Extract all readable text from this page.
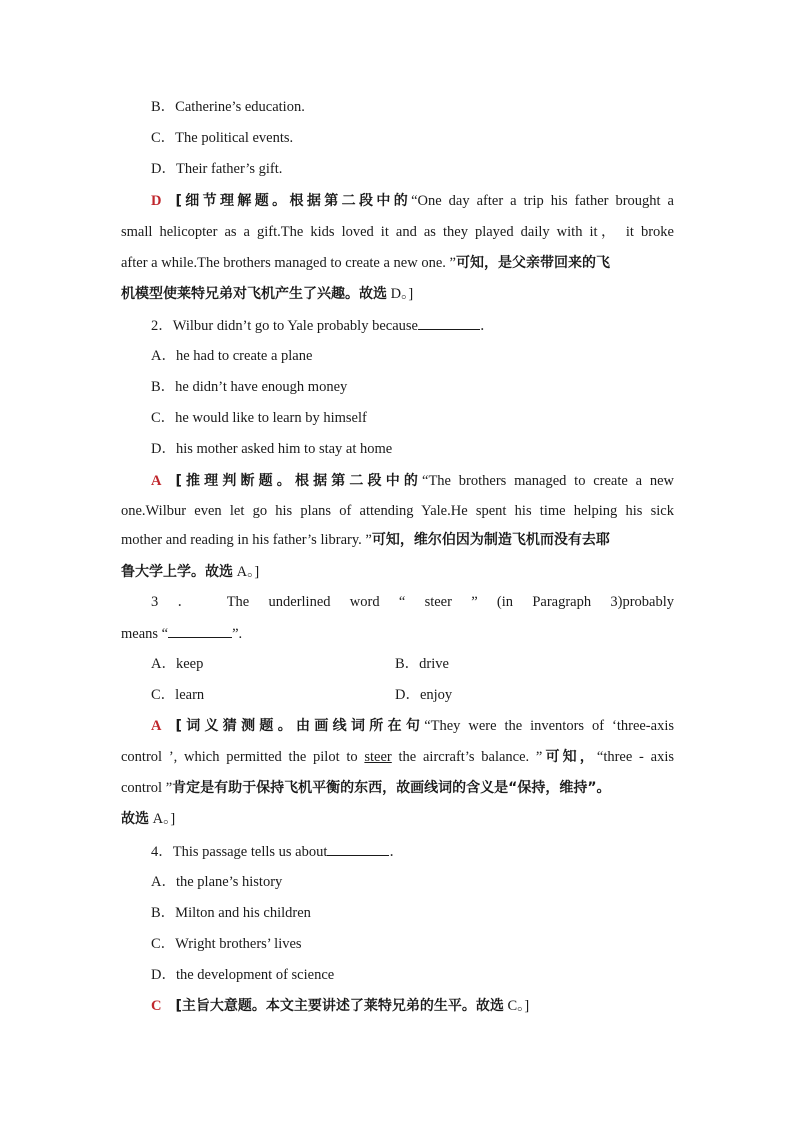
B．Catherine’s education.
C．The political events.
D．Their father’s gift.
D [细节理解题。根据第二段中的“One day after a trip his father brought a
small helicopter as a gift.The kids loved it and as they played daily with it， it broke
after a while.The brothers managed to create a new one. ”可知，是父亲带回来的飞
机模型使莱特兄弟对飞机产生了兴趣。故选 D。]
2．Wilbur didn’t go to Yale probably because	．
A．he had to create a plane
B．he didn’t have enough money
C．he would like to learn by himself
D．his mother asked him to stay at home
A [推理判断题。根据第二段中的“The brothers managed to create a new
one.Wilbur even let go his plans of attending Yale.He spent his time helping his sick
mother and reading in his father’s library. ”可知，维尔伯因为制造飞机而没有去耶
鲁大学上学。故选 A。]
3 ． The underlined word “ steer ” (in Paragraph 3)probably
means “	”.
A．keep	B．drive
C．learn	D．enjoy
A [词义猜测题。由画线词所在句“They were the inventors of ‘three-axis
control ’, which permitted the pilot to steer the aircraft’s balance. ”可知，“three - axis
control ”肯定是有助于保持飞机平衡的东西，故画线词的含义是“保持，维持”。
故选 A。]
4．This passage tells us about	．
A．the plane’s history
B．Milton and his children
C．Wright brothers’ lives
D．the development of science
C [主旨大意题。本文主要讲述了莱特兄弟的生平。故选 C。]
